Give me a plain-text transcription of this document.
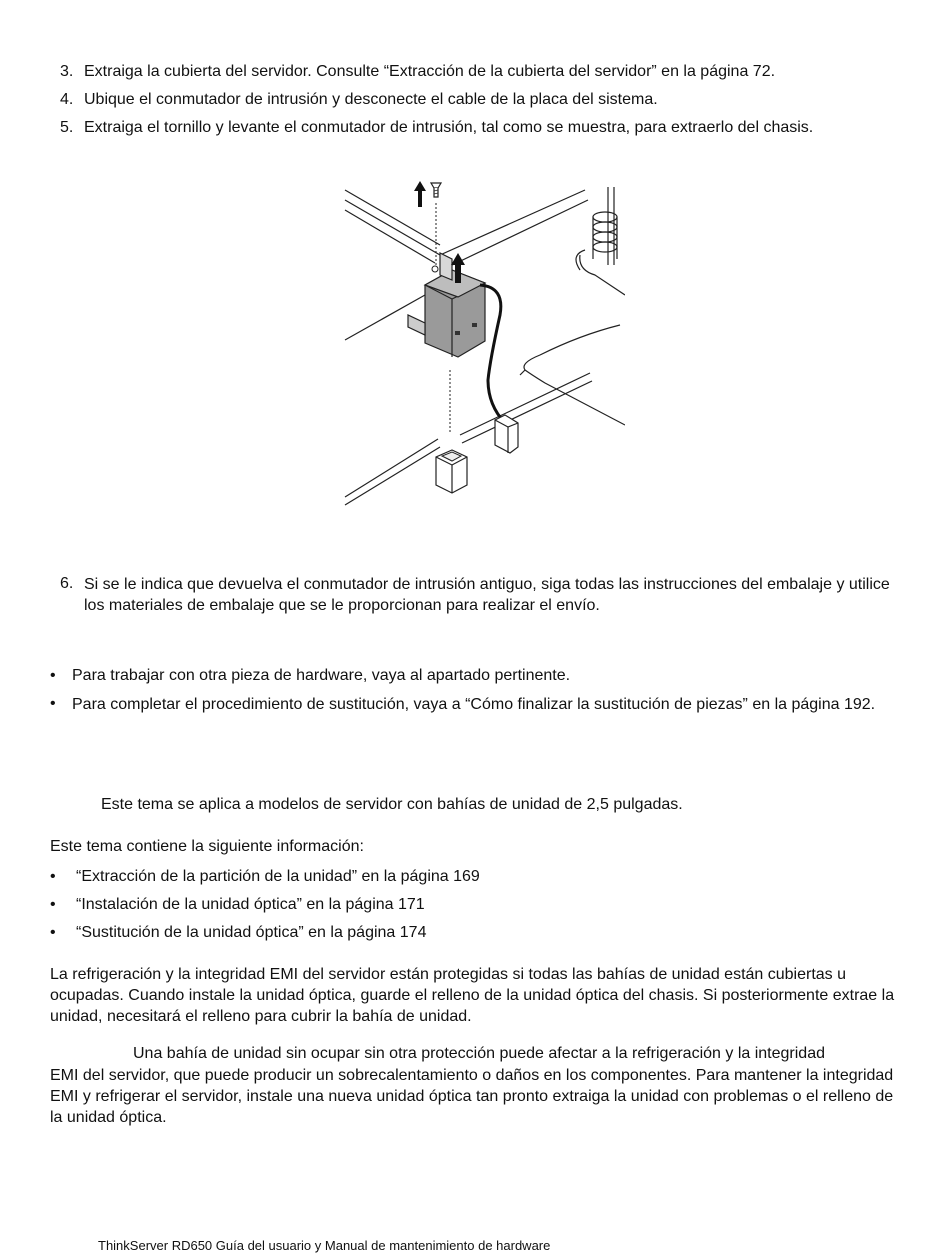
3. Extraiga la cubierta del servidor. Consulte “Extracción de la cubierta del servidor” en la página 72.
4. Ubique el conmutador de intrusión y desconecte el cable de la placa del sistema.
5. Extraiga el tornillo y levante el conmutador de intrusión, tal como se muestra, para extraerlo del chasis.
6. Si se le indica que devuelva el conmutador de intrusión antiguo, siga todas las instrucciones del embalaje y utilice los materiales de embalaje que se le proporcionan para realizar el envío.
• Para trabajar con otra pieza de hardware, vaya al apartado pertinente.
• Para completar el procedimiento de sustitución, vaya a “Cómo finalizar la sustitución de piezas” en la página 192.
Este tema se aplica a modelos de servidor con bahías de unidad de 2,5 pulgadas.
Este tema contiene la siguiente información:
• “Extracción de la partición de la unidad” en la página 169
• “Instalación de la unidad óptica” en la página 171
• “Sustitución de la unidad óptica” en la página 174
La refrigeración y la integridad EMI del servidor están protegidas si todas las bahías de unidad están cubiertas u ocupadas. Cuando instale la unidad óptica, guarde el relleno de la unidad óptica del chasis. Si posteriormente extrae la unidad, necesitará el relleno para cubrir la bahía de unidad.
Una bahía de unidad sin ocupar sin otra protección puede afectar a la refrigeración y la integridad
EMI del servidor, que puede producir un sobrecalentamiento o daños en los componentes. Para mantener la integridad EMI y refrigerar el servidor, instale una nueva unidad óptica tan pronto extraiga la unidad con problemas o el relleno de la unidad óptica.
ThinkServer RD650 Guía del usuario y Manual de mantenimiento de hardware
